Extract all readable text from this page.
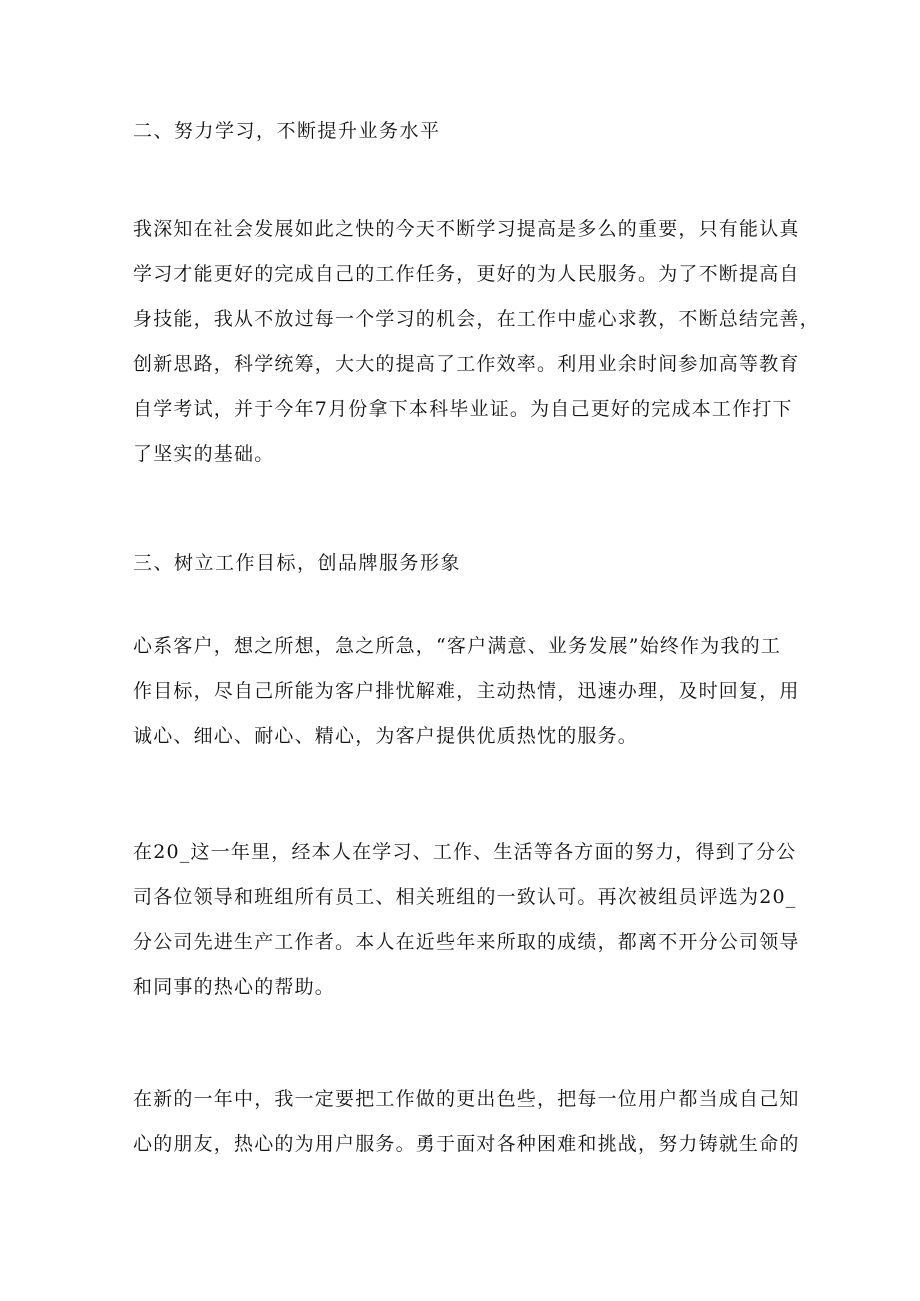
二、努力学习，不断提升业务水平
我深知在社会发展如此之快的今天不断学习提高是多么的重要，只有能认真
学习才能更好的完成自己的工作任务，更好的为人民服务。为了不断提高自
身技能，我从不放过每一个学习的机会，在工作中虚心求教，不断总结完善，
创新思路，科学统筹，大大的提高了工作效率。利用业余时间参加高等教育
自学考试，并于今年7月份拿下本科毕业证。为自己更好的完成本工作打下
了坚实的基础。
三、树立工作目标，创品牌服务形象
心系客户，想之所想，急之所急，“客户满意、业务发展”始终作为我的工
作目标，尽自己所能为客户排忧解难，主动热情，迅速办理，及时回复，用
诚心、细心、耐心、精心，为客户提供优质热忱的服务。
在20_这一年里，经本人在学习、工作、生活等各方面的努力，得到了分公
司各位领导和班组所有员工、相关班组的一致认可。再次被组员评选为20_
分公司先进生产工作者。本人在近些年来所取的成绩，都离不开分公司领导
和同事的热心的帮助。
在新的一年中，我一定要把工作做的更出色些，把每一位用户都当成自己知
心的朋友，热心的为用户服务。勇于面对各种困难和挑战，努力铸就生命的
